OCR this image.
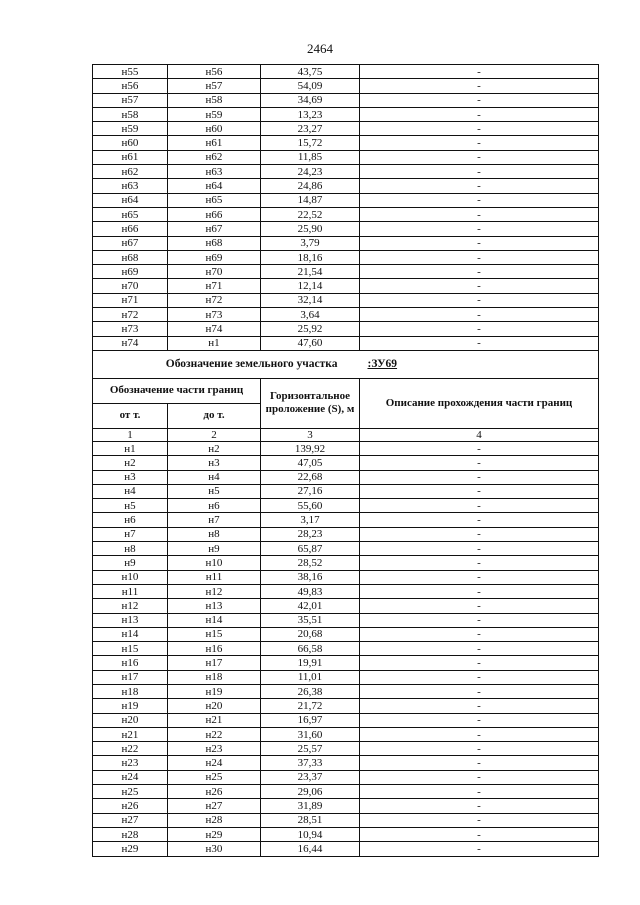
2464
н55	н56	43,75	-
н56	н57	54,09	-
н57	н58	34,69	-
н58	н59	13,23	-
н59	н60	23,27	-
н60	н61	15,72	-
н61	н62	11,85	-
н62	н63	24,23	-
н63	н64	24,86	-
н64	н65	14,87	-
н65	н66	22,52	-
н66	н67	25,90	-
н67	н68	3,79	-
н68	н69	18,16	-
н69	н70	21,54	-
н70	н71	12,14	-
н71	н72	32,14	-
н72	н73	3,64	-
н73	н74	25,92	-
н74	н1	47,60	-
Обозначение земельного участка			:ЗУ69
Обозначение части границ		Горизонтальное проложение (S), м	Описание прохождения части границ
от т.	до т.		
1	2	3	4
н1	н2	139,92	-
н2	н3	47,05	-
н3	н4	22,68	-
н4	н5	27,16	-
н5	н6	55,60	-
н6	н7	3,17	-
н7	н8	28,23	-
н8	н9	65,87	-
н9	н10	28,52	-
н10	н11	38,16	-
н11	н12	49,83	-
н12	н13	42,01	-
н13	н14	35,51	-
н14	н15	20,68	-
н15	н16	66,58	-
н16	н17	19,91	-
н17	н18	11,01	-
н18	н19	26,38	-
н19	н20	21,72	-
н20	н21	16,97	-
н21	н22	31,60	-
н22	н23	25,57	-
н23	н24	37,33	-
н24	н25	23,37	-
н25	н26	29,06	-
н26	н27	31,89	-
н27	н28	28,51	-
н28	н29	10,94	-
н29	н30	16,44	-
